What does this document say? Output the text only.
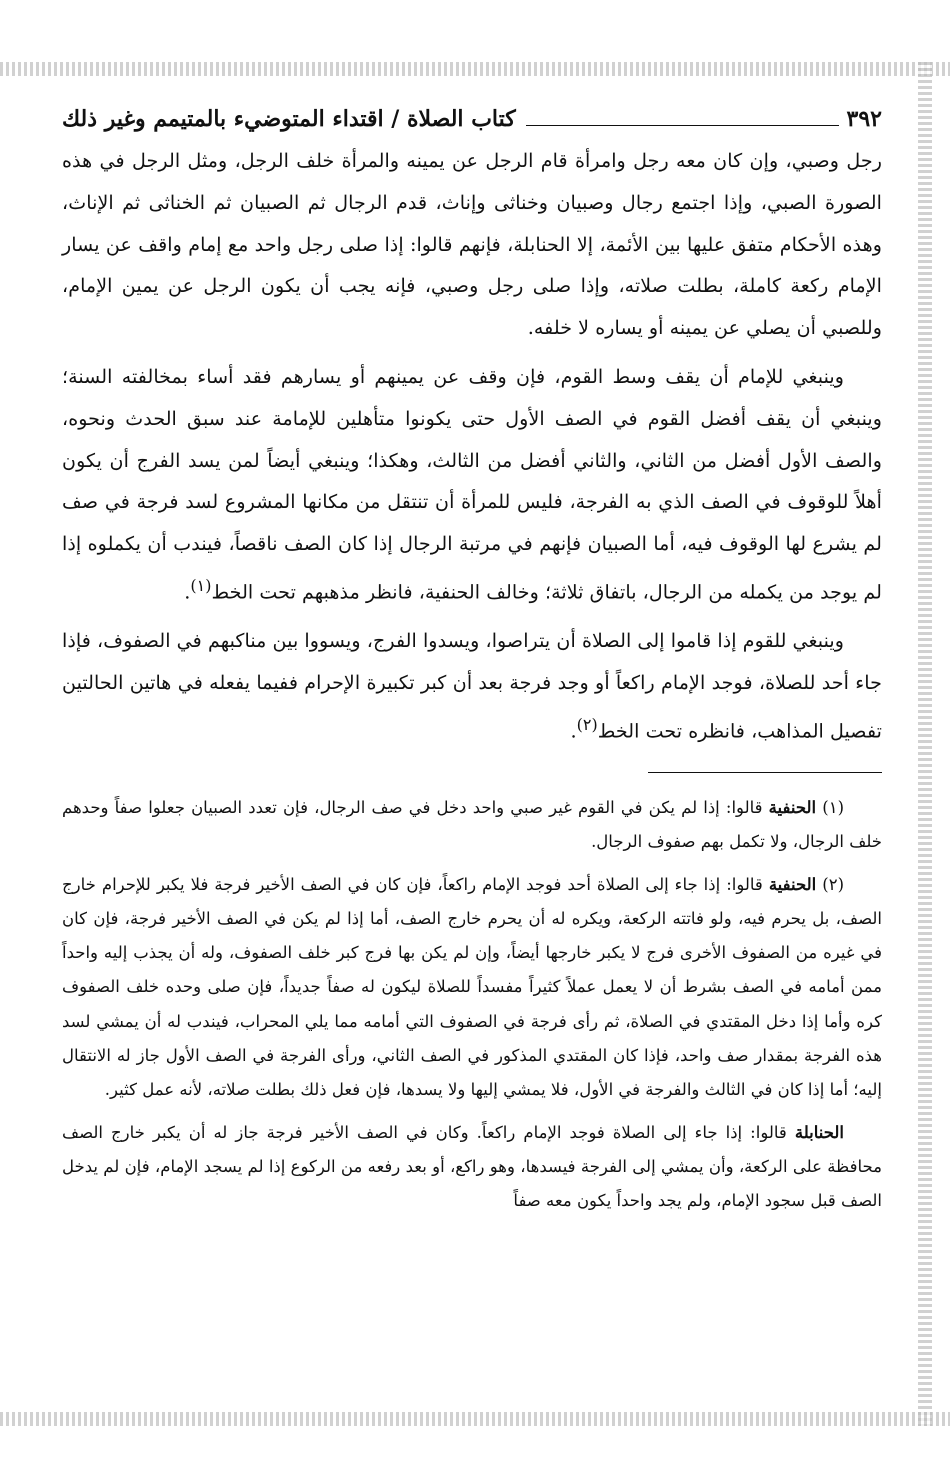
٣٩٢
كتاب الصلاة / اقتداء المتوضيء بالمتيمم وغير ذلك

رجل وصبي، وإن كان معه رجل وامرأة قام الرجل عن يمينه والمرأة خلف الرجل، ومثل الرجل في هذه الصورة الصبي، وإذا اجتمع رجال وصبيان وخناثى وإناث، قدم الرجال ثم الصبيان ثم الخناثى ثم الإناث، وهذه الأحكام متفق عليها بين الأئمة، إلا الحنابلة، فإنهم قالوا: إذا صلى رجل واحد مع إمام واقف عن يسار الإمام ركعة كاملة، بطلت صلاته، وإذا صلى رجل وصبي، فإنه يجب أن يكون الرجل عن يمين الإمام، وللصبي أن يصلي عن يمينه أو يساره لا خلفه.

وينبغي للإمام أن يقف وسط القوم، فإن وقف عن يمينهم أو يسارهم فقد أساء بمخالفته السنة؛ وينبغي أن يقف أفضل القوم في الصف الأول حتى يكونوا متأهلين للإمامة عند سبق الحدث ونحوه، والصف الأول أفضل من الثاني، والثاني أفضل من الثالث، وهكذا؛ وينبغي أيضاً لمن يسد الفرج أن يكون أهلاً للوقوف في الصف الذي به الفرجة، فليس للمرأة أن تنتقل من مكانها المشروع لسد فرجة في صف لم يشرع لها الوقوف فيه، أما الصبيان فإنهم في مرتبة الرجال إذا كان الصف ناقصاً، فيندب أن يكملوه إذا لم يوجد من يكمله من الرجال، باتفاق ثلاثة؛ وخالف الحنفية، فانظر مذهبهم تحت الخط$^{(١)}$.

وينبغي للقوم إذا قاموا إلى الصلاة أن يتراصوا، ويسدوا الفرج، ويسووا بين مناكبهم في الصفوف، فإذا جاء أحد للصلاة، فوجد الإمام راكعاً أو وجد فرجة بعد أن كبر تكبيرة الإحرام ففيما يفعله في هاتين الحالتين تفصيل المذاهب، فانظره تحت الخط$^{(٢)}$.

(١) الحنفية قالوا: إذا لم يكن في القوم غير صبي واحد دخل في صف الرجال، فإن تعدد الصبيان جعلوا صفاً وحدهم خلف الرجال، ولا تكمل بهم صفوف الرجال.

(٢) الحنفية قالوا: إذا جاء إلى الصلاة أحد فوجد الإمام راكعاً، فإن كان في الصف الأخير فرجة فلا يكبر للإحرام خارج الصف، بل يحرم فيه، ولو فاتته الركعة، ويكره له أن يحرم خارج الصف، أما إذا لم يكن في الصف الأخير فرجة، فإن كان في غيره من الصفوف الأخرى فرج لا يكبر خارجها أيضاً، وإن لم يكن بها فرج كبر خلف الصفوف، وله أن يجذب إليه واحداً ممن أمامه في الصف بشرط أن لا يعمل عملاً كثيراً مفسداً للصلاة ليكون له صفاً جديداً، فإن صلى وحده خلف الصفوف كره وأما إذا دخل المقتدي في الصلاة، ثم رأى فرجة في الصفوف التي أمامه مما يلي المحراب، فيندب له أن يمشي لسد هذه الفرجة بمقدار صف واحد، فإذا كان المقتدي المذكور في الصف الثاني، ورأى الفرجة في الصف الأول جاز له الانتقال إليه؛ أما إذا كان في الثالث والفرجة في الأول، فلا يمشي إليها ولا يسدها، فإن فعل ذلك بطلت صلاته، لأنه عمل كثير.

الحنابلة قالوا: إذا جاء إلى الصلاة فوجد الإمام راكعاً. وكان في الصف الأخير فرجة جاز له أن يكبر خارج الصف محافظة على الركعة، وأن يمشي إلى الفرجة فيسدها، وهو راكع، أو بعد رفعه من الركوع إذا لم يسجد الإمام، فإن لم يدخل الصف قبل سجود الإمام، ولم يجد واحداً يكون معه صفاً
